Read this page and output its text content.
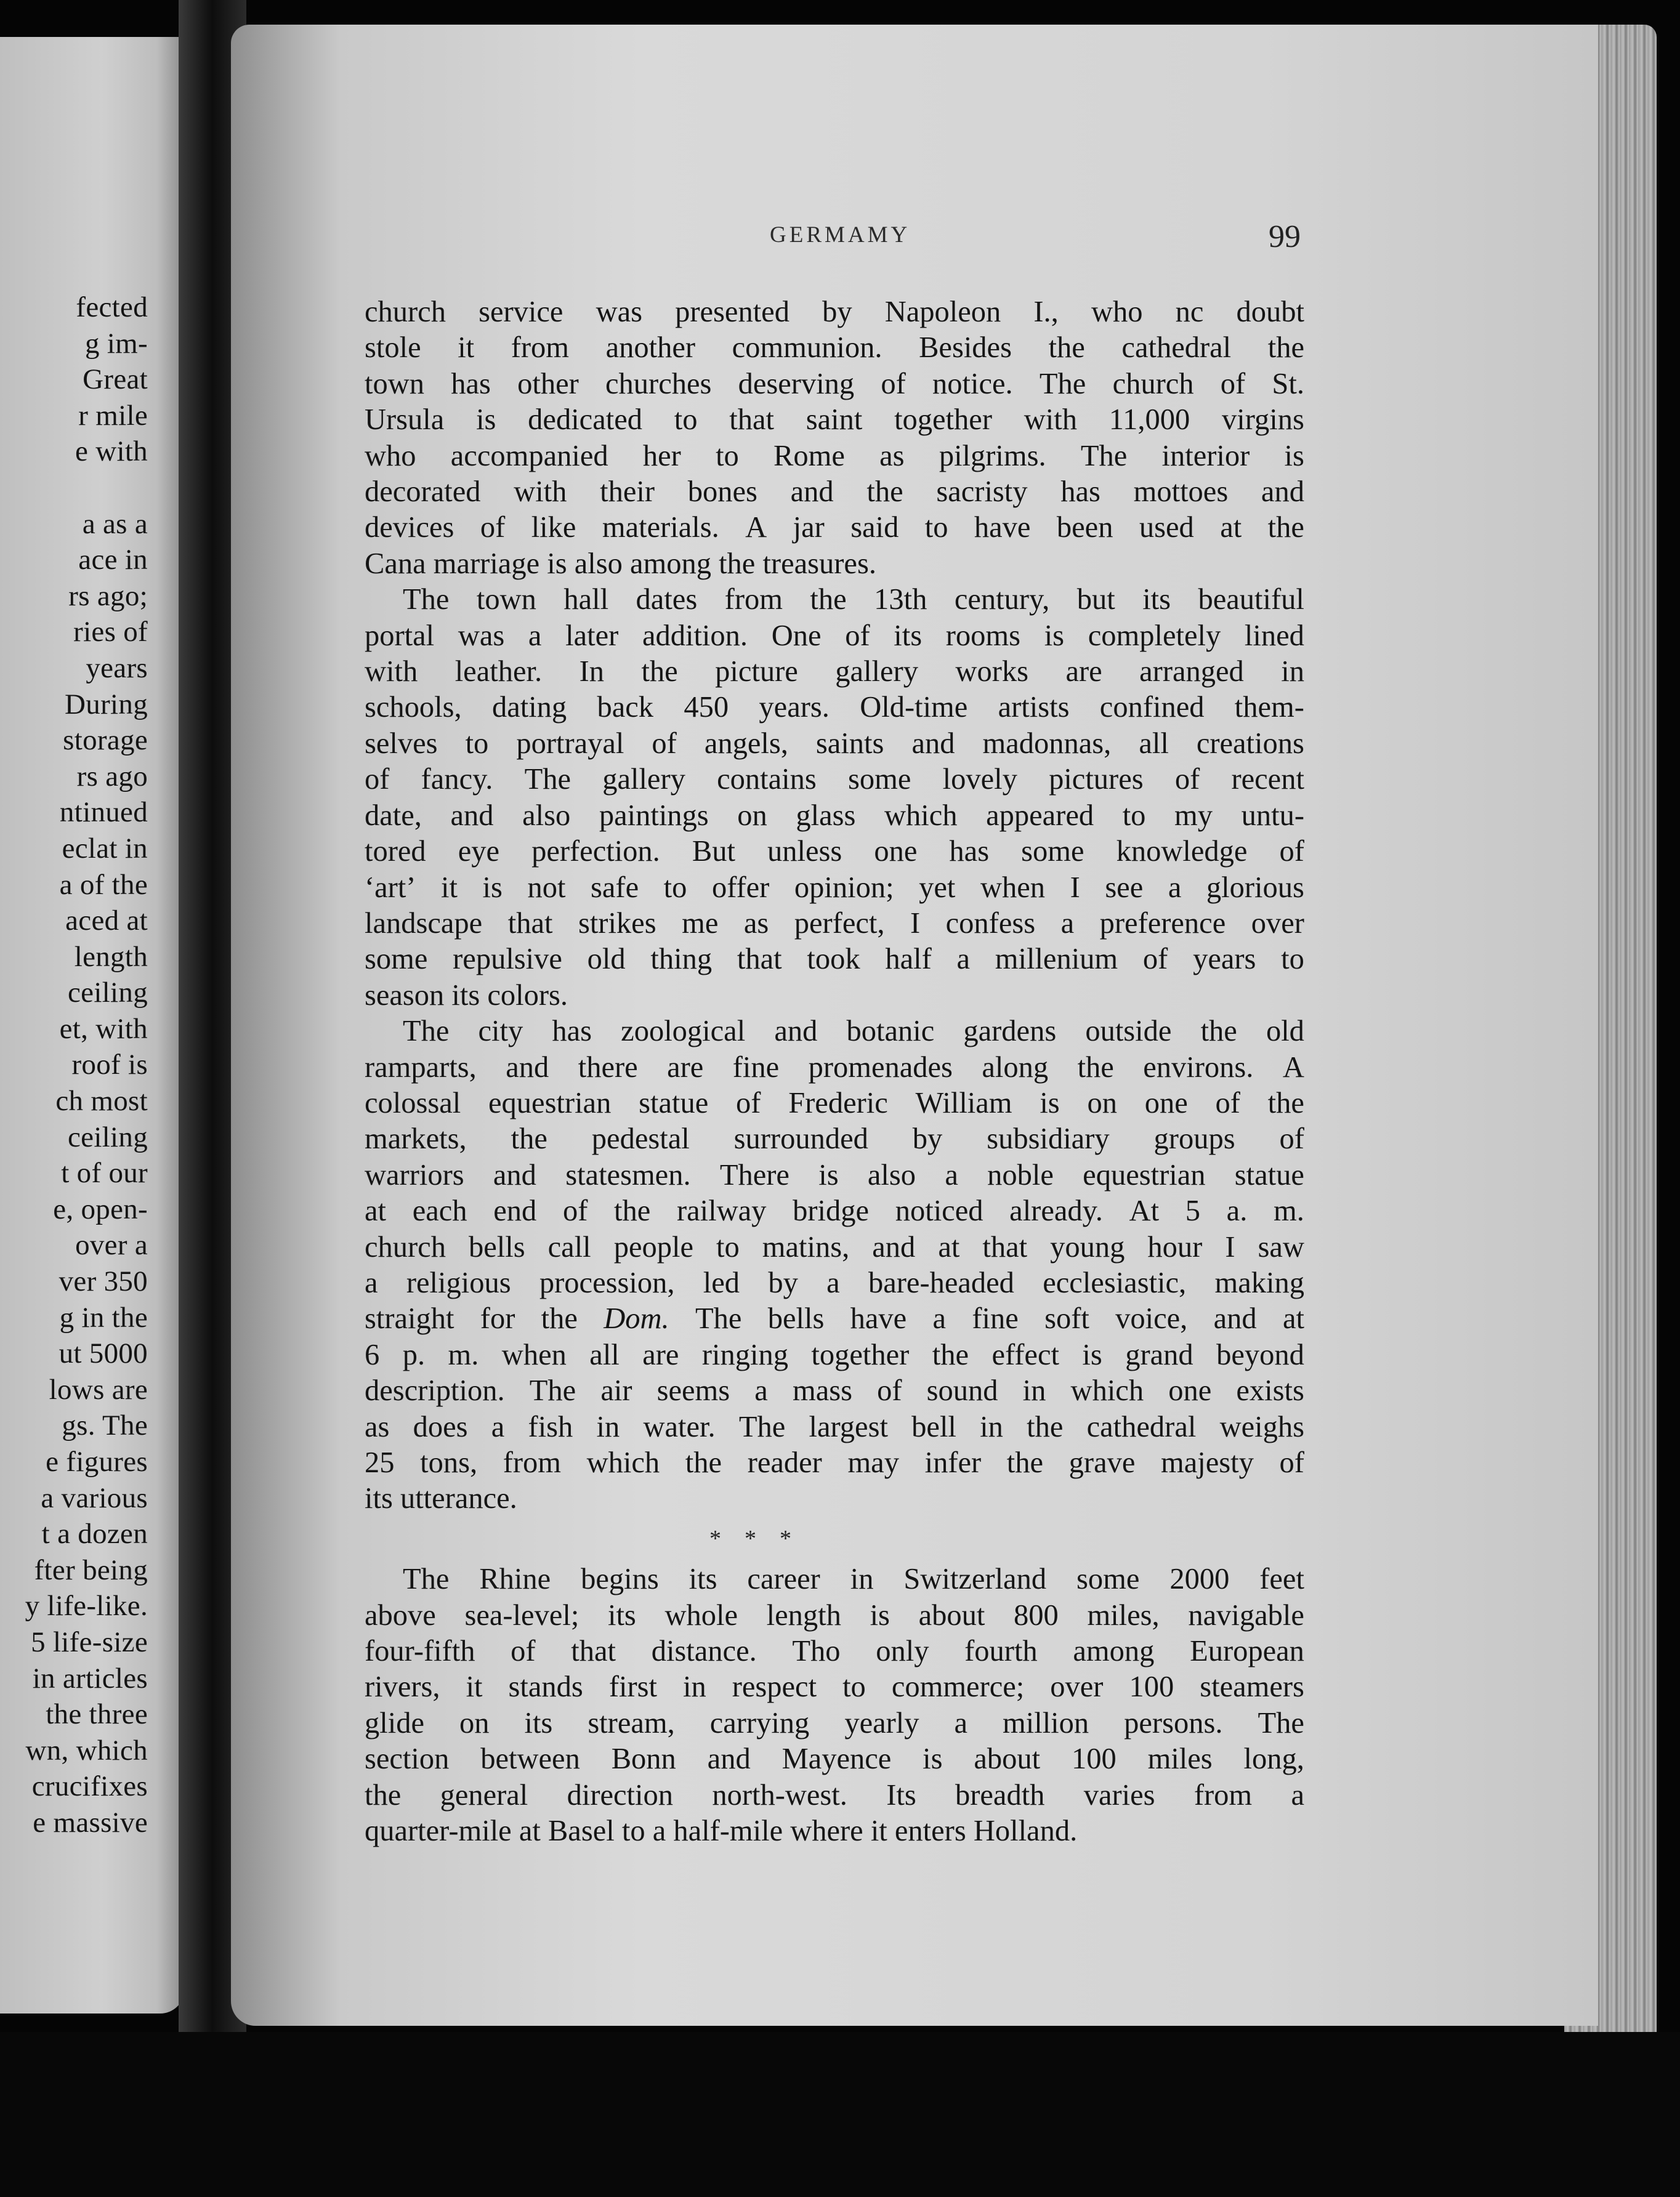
fected
g im-
Great
r mile
e with

a as a
ace in
rs ago;
ries of
years
During
storage
rs ago
ntinued
eclat in
a of the
aced at
length
ceiling
et, with
roof is
ch most
ceiling
t of our
e, open-
over a
ver 350
g in the
ut 5000
lows are
gs. The
e figures
a various
t a dozen
fter being
y life-like.
5 life-size
in articles
the three
wn, which
crucifixes
e massive
GERMAMY	99
church service was presented by Napoleon I., who nc doubt
stole it from another communion. Besides the cathedral the
town has other churches deserving of notice. The church of St.
Ursula is dedicated to that saint together with 11,000 virgins
who accompanied her to Rome as pilgrims. The interior is
decorated with their bones and the sacristy has mottoes and
devices of like materials. A jar said to have been used at the
Cana marriage is also among the treasures.
The town hall dates from the 13th century, but its beautiful
portal was a later addition. One of its rooms is completely lined
with leather. In the picture gallery works are arranged in
schools, dating back 450 years. Old-time artists confined them-
selves to portrayal of angels, saints and madonnas, all creations
of fancy. The gallery contains some lovely pictures of recent
date, and also paintings on glass which appeared to my untu-
tored eye perfection. But unless one has some knowledge of
‘art’ it is not safe to offer opinion; yet when I see a glorious
landscape that strikes me as perfect, I confess a preference over
some repulsive old thing that took half a millenium of years to
season its colors.
The city has zoological and botanic gardens outside the old
ramparts, and there are fine promenades along the environs. A
colossal equestrian statue of Frederic William is on one of the
markets, the pedestal surrounded by subsidiary groups of
warriors and statesmen. There is also a noble equestrian statue
at each end of the railway bridge noticed already. At 5 a. m.
church bells call people to matins, and at that young hour I saw
a religious procession, led by a bare-headed ecclesiastic, making
straight for the Dom. The bells have a fine soft voice, and at
6 p. m. when all are ringing together the effect is grand beyond
description. The air seems a mass of sound in which one exists
as does a fish in water. The largest bell in the cathedral weighs
25 tons, from which the reader may infer the grave majesty of
its utterance.
*    *    *
The Rhine begins its career in Switzerland some 2000 feet
above sea-level; its whole length is about 800 miles, navigable
four-fifth of that distance. Tho only fourth among European
rivers, it stands first in respect to commerce; over 100 steamers
glide on its stream, carrying yearly a million persons. The
section between Bonn and Mayence is about 100 miles long,
the general direction north-west. Its breadth varies from a
quarter-mile at Basel to a half-mile where it enters Holland.
